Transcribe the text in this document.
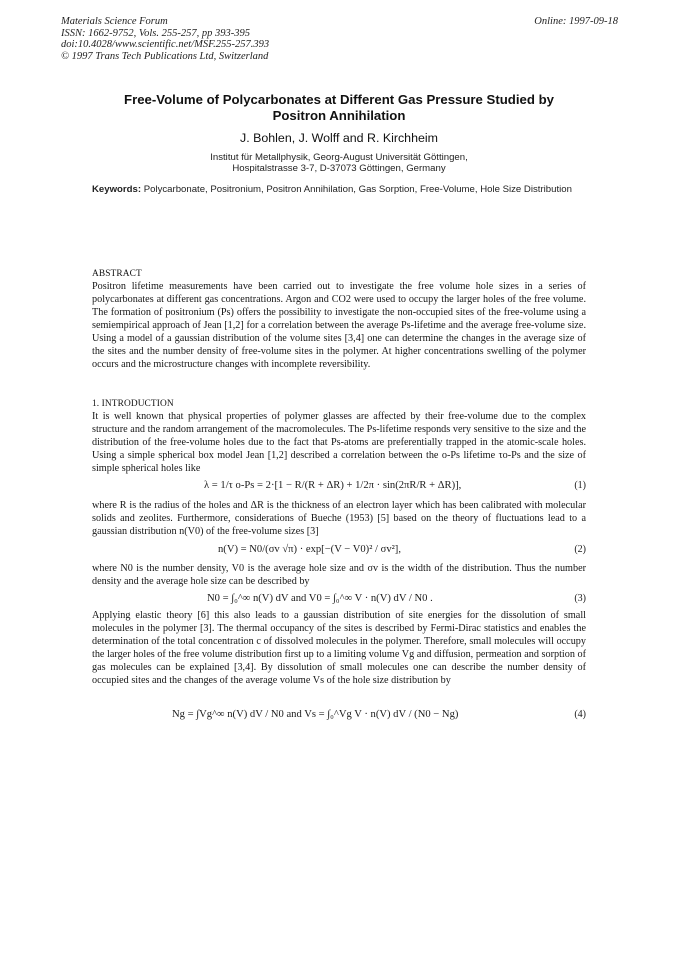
Materials Science Forum
ISSN: 1662-9752, Vols. 255-257, pp 393-395
doi:10.4028/www.scientific.net/MSF.255-257.393
© 1997 Trans Tech Publications Ltd, Switzerland
Online: 1997-09-18
Free-Volume of Polycarbonates at Different Gas Pressure Studied by
Positron Annihilation
J. Bohlen, J. Wolff and R. Kirchheim
Institut für Metallphysik, Georg-August Universität Göttingen,
Hospitalstrasse 3-7, D-37073 Göttingen, Germany
Keywords: Polycarbonate, Positronium, Positron Annihilation, Gas Sorption, Free-Volume, Hole Size Distribution
ABSTRACT
Positron lifetime measurements have been carried out to investigate the free volume hole sizes in a series of polycarbonates at different gas concentrations. Argon and CO2 were used to occupy the larger holes of the free volume. The formation of positronium (Ps) offers the possibility to investigate the non-occupied sites of the free-volume using a semiempirical approach of Jean [1,2] for a correlation between the average Ps-lifetime and the average free-volume size. Using a model of a gaussian distribution of the volume sites [3,4] one can determine the changes in the average size of the sites and the number density of free-volume sites in the polymer. At higher concentrations swelling of the polymer occurs and the microstructure changes with incomplete reversibility.
1. INTRODUCTION
It is well known that physical properties of polymer glasses are affected by their free-volume due to the complex structure and the random arrangement of the macromolecules. The Ps-lifetime responds very sensitive to the size and the distribution of the free-volume holes due to the fact that Ps-atoms are preferentially trapped in the atomic-scale holes. Using a simple spherical box model Jean [1,2] described a correlation between the o-Ps lifetime τo-Ps and the size of simple spherical holes like
λ = 1/τ o-Ps = 2·[1 − R/(R + ΔR) + 1/2π · sin(2πR/R + ΔR)],	(1)
where R is the radius of the holes and ΔR is the thickness of an electron layer which has been calibrated with molecular solids and zeolites. Furthermore, considerations of Bueche (1953) [5] based on the theory of fluctuations lead to a gaussian distribution n(V0) of the free-volume sizes [3]
n(V) = N0/(σv √π) · exp[−(V − V0)² / σv²],	(2)
where N0 is the number density, V0 is the average hole size and σv is the width of the distribution. Thus the number density and the average hole size can be described by
N0 = ∫₀^∞ n(V) dV and V0 = ∫₀^∞ V · n(V) dV / N0 .	(3)
Applying elastic theory [6] this also leads to a gaussian distribution of site energies for the dissolution of small molecules in the polymer [3]. The thermal occupancy of the sites is described by Fermi-Dirac statistics and enables the determination of the total concentration c of dissolved molecules in the polymer. Therefore, small molecules will occupy the larger holes of the free volume distribution first up to a limiting volume Vg and diffusion, permeation and sorption of gas molecules can be explained [3,4]. By dissolution of small molecules one can describe the number density of occupied sites and the changes of the average volume Vs of the hole size distribution by
Ng = ∫Vg^∞ n(V) dV / N0 and Vs = ∫₀^Vg V · n(V) dV / (N0 − Ng)	(4)
